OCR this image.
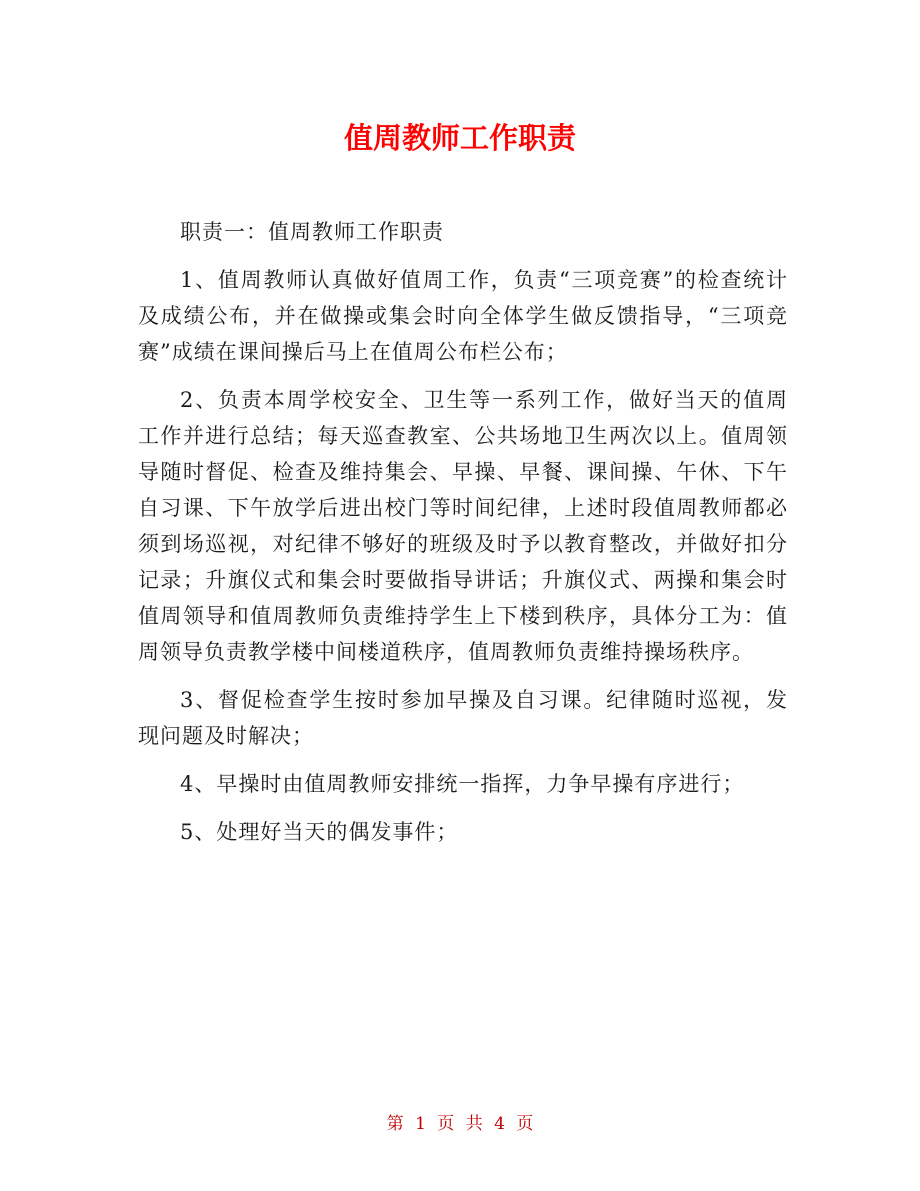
值周教师工作职责

职责一：值周教师工作职责

1、值周教师认真做好值周工作，负责“三项竞赛”的检查统计及成绩公布，并在做操或集会时向全体学生做反馈指导，“三项竞赛”成绩在课间操后马上在值周公布栏公布；

2、负责本周学校安全、卫生等一系列工作，做好当天的值周工作并进行总结；每天巡查教室、公共场地卫生两次以上。值周领导随时督促、检查及维持集会、早操、早餐、课间操、午休、下午自习课、下午放学后进出校门等时间纪律，上述时段值周教师都必须到场巡视，对纪律不够好的班级及时予以教育整改，并做好扣分记录；升旗仪式和集会时要做指导讲话；升旗仪式、两操和集会时值周领导和值周教师负责维持学生上下楼到秩序，具体分工为：值周领导负责教学楼中间楼道秩序，值周教师负责维持操场秩序。

3、督促检查学生按时参加早操及自习课。纪律随时巡视，发现问题及时解决；

4、早操时由值周教师安排统一指挥，力争早操有序进行；

5、处理好当天的偶发事件；

第 1 页 共 4 页
